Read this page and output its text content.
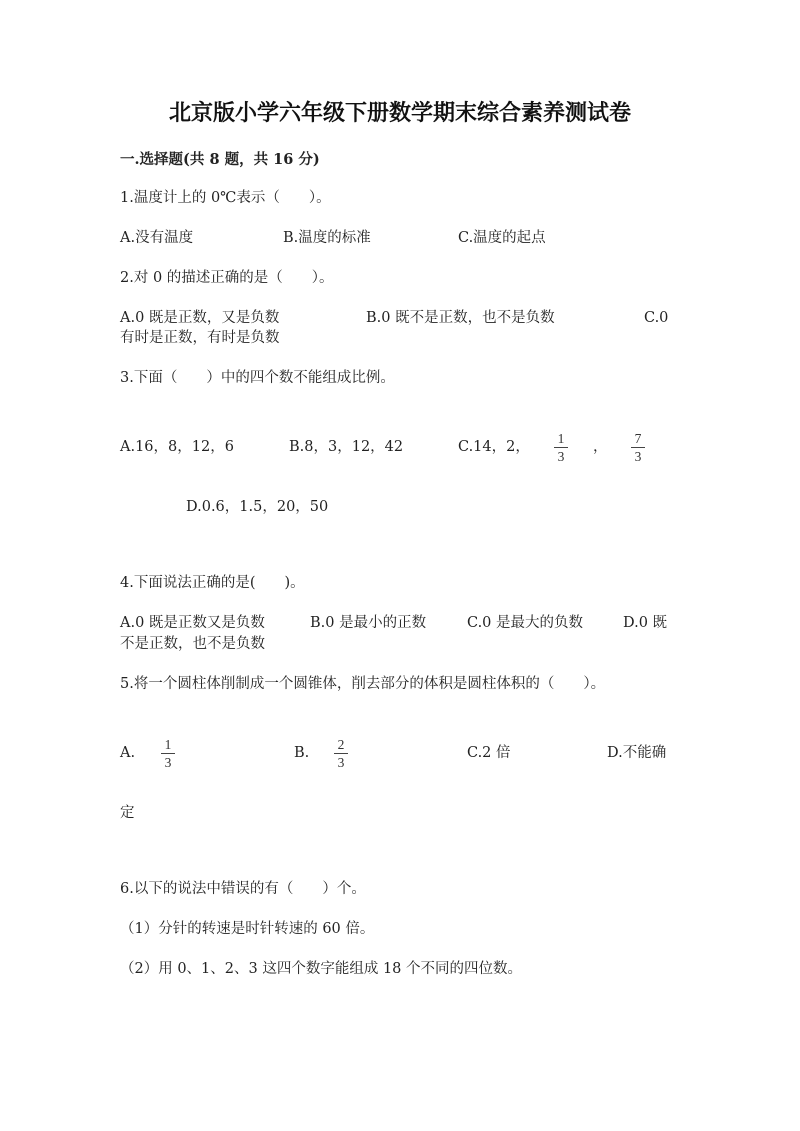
北京版小学六年级下册数学期末综合素养测试卷
一.选择题(共 8 题，共 16 分)
1.温度计上的 0℃表示（　　）。
A.没有温度	B.温度的标准	C.温度的起点
2.对 0 的描述正确的是（　　）。
A.0 既是正数，又是负数	B.0 既不是正数，也不是负数	C.0
有时是正数，有时是负数
3.下面（　　）中的四个数不能组成比例。
A.16，8，12，6	B.8，3，12，42	C.14，2，
1
3
，
7
3
D.0.6，1.5，20，50
4.下面说法正确的是(　　)。
A.0 既是正数又是负数	B.0 是最小的正数	C.0 是最大的负数	D.0 既
不是正数，也不是负数
5.将一个圆柱体削制成一个圆锥体，削去部分的体积是圆柱体积的（　　）。
A.
1
3
B.
2
3
C.2 倍	D.不能确
定
6.以下的说法中错误的有（　　）个。
（1）分针的转速是时针转速的 60 倍。
（2）用 0、1、2、3 这四个数字能组成 18 个不同的四位数。
